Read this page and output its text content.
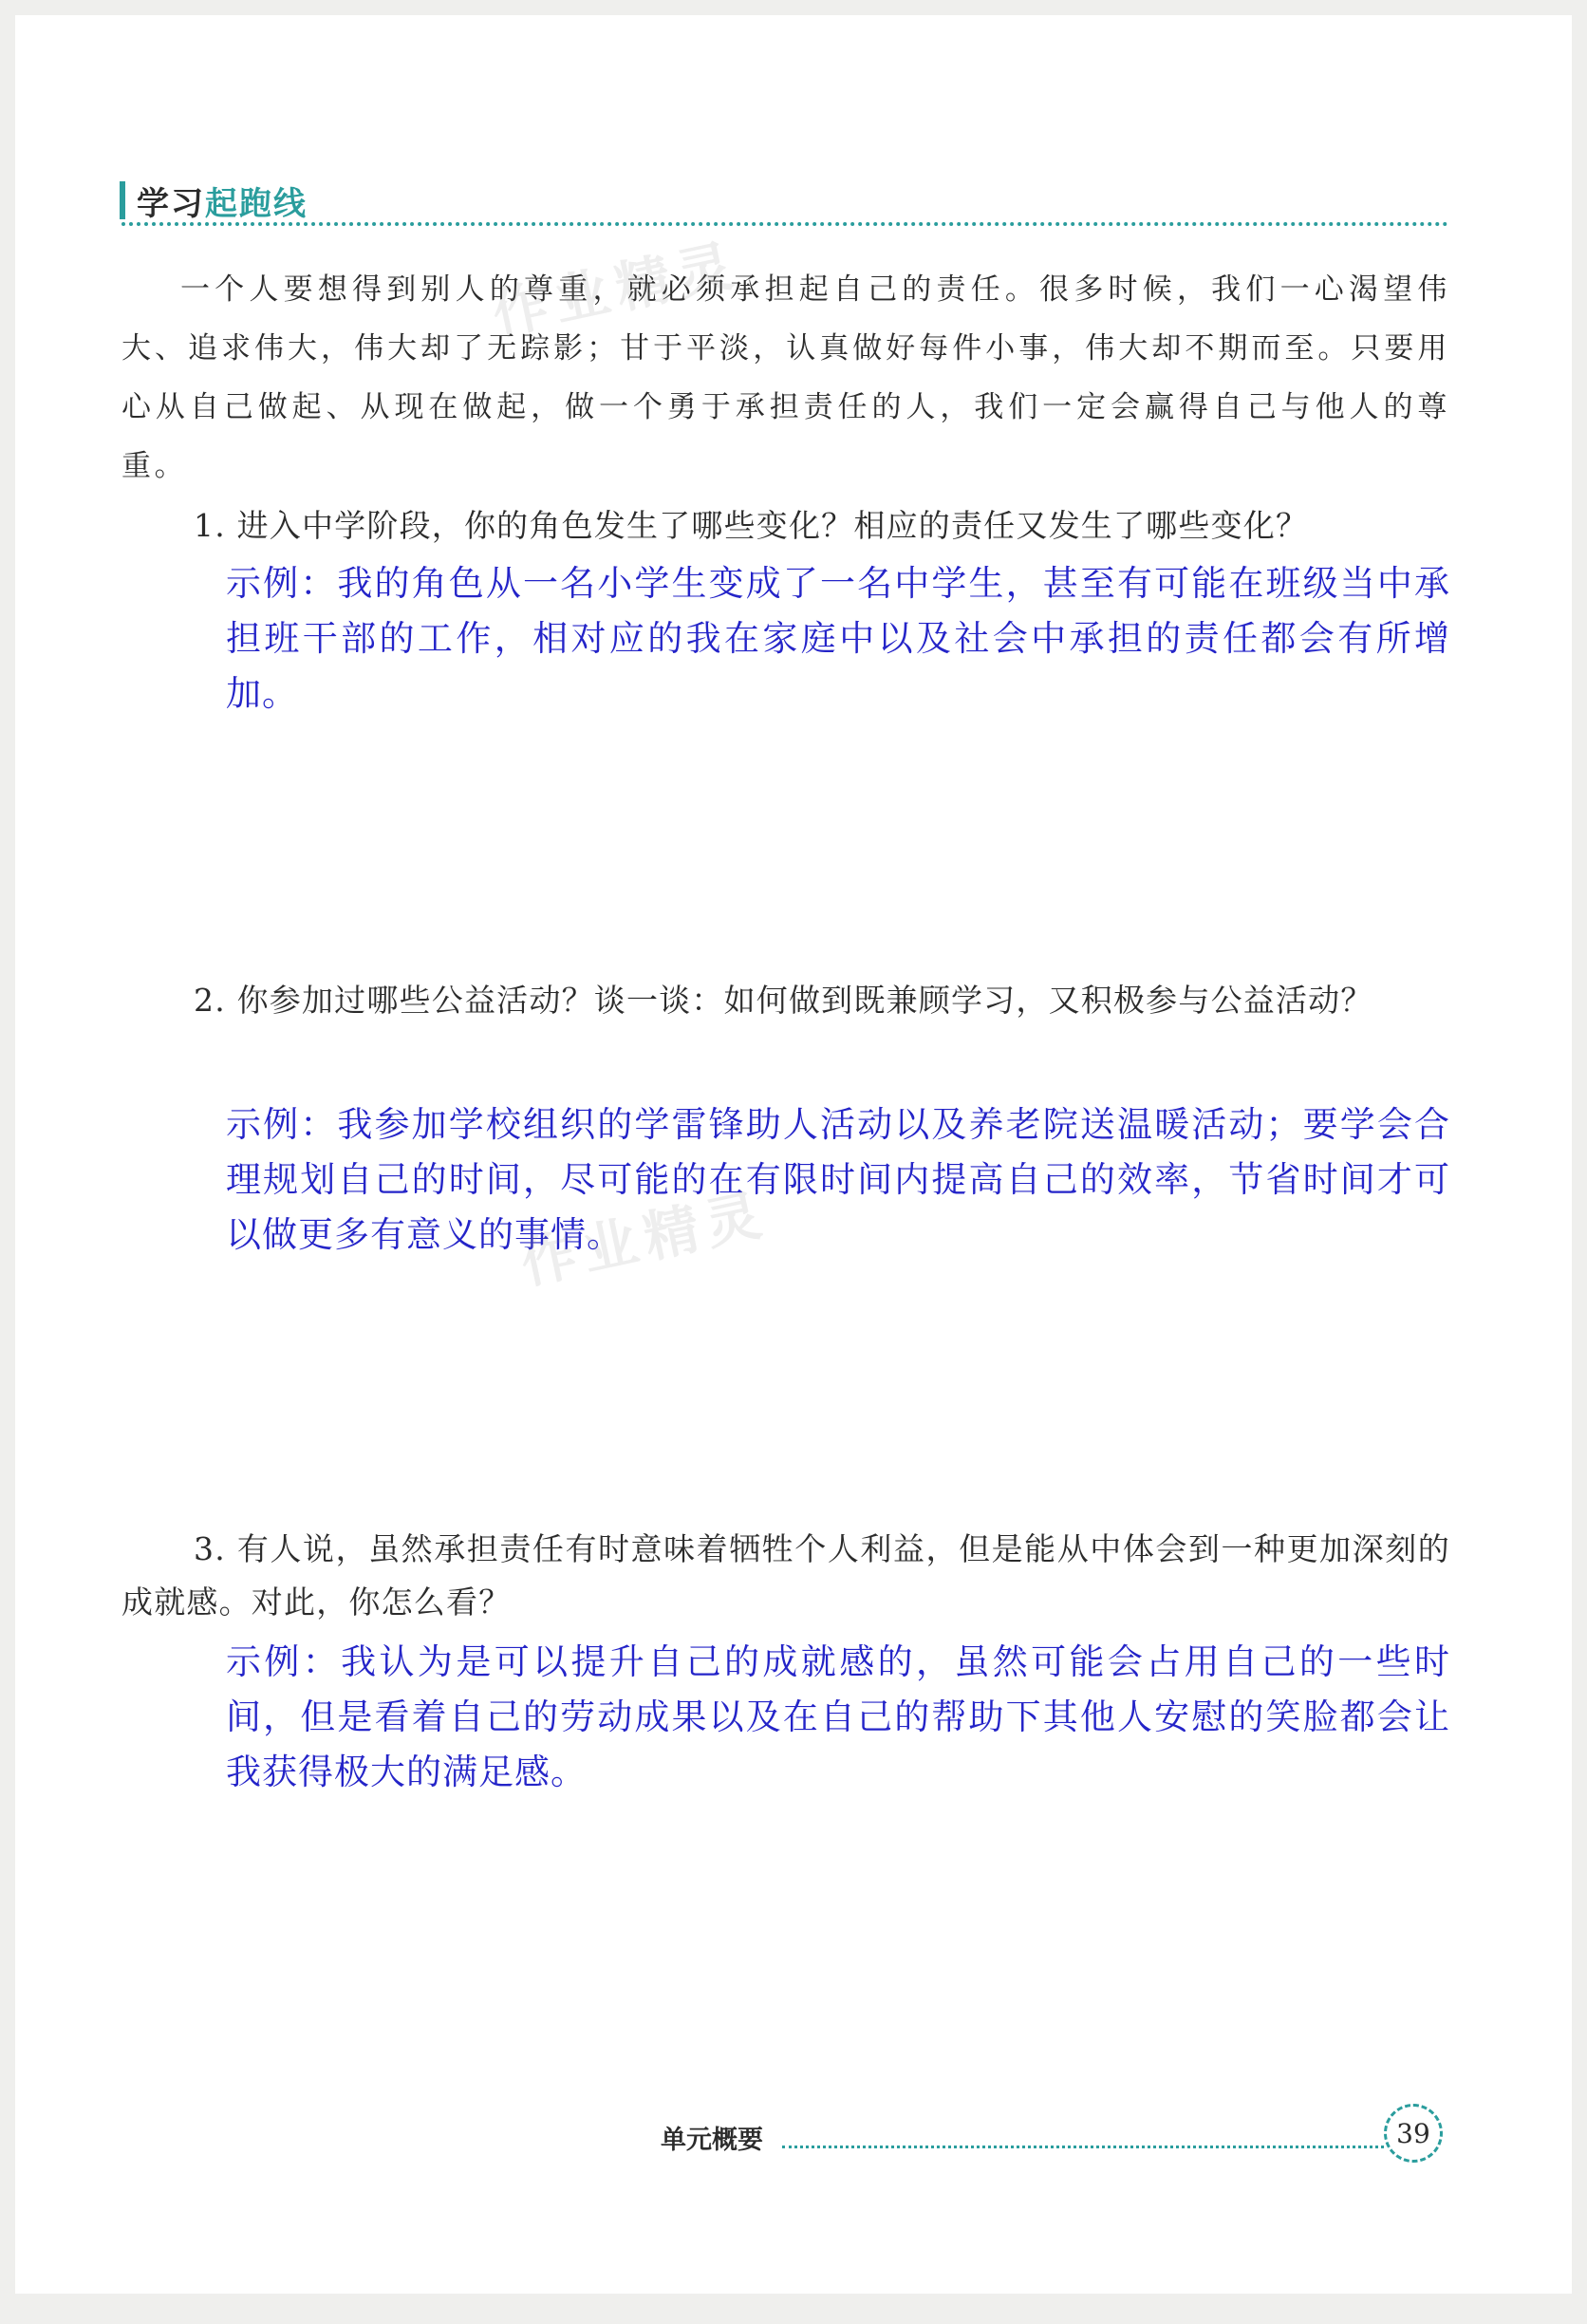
学习 起跑线

一个人要想得到别人的尊重，就必须承担起自己的责任。很多时候，我们一心渴望伟大、追求伟大，伟大却了无踪影；甘于平淡，认真做好每件小事，伟大却不期而至。只要用心从自己做起、从现在做起，做一个勇于承担责任的人，我们一定会赢得自己与他人的尊重。

1. 进入中学阶段，你的角色发生了哪些变化？相应的责任又发生了哪些变化？
示例：我的角色从一名小学生变成了一名中学生，甚至有可能在班级当中承担班干部的工作，相对应的我在家庭中以及社会中承担的责任都会有所增加。
2. 你参加过哪些公益活动？谈一谈：如何做到既兼顾学习，又积极参与公益活动？
示例：我参加学校组织的学雷锋助人活动以及养老院送温暖活动；要学会合理规划自己的时间，尽可能的在有限时间内提高自己的效率，节省时间才可以做更多有意义的事情。
3. 有人说，虽然承担责任有时意味着牺牲个人利益，但是能从中体会到一种更加深刻的成就感。对此，你怎么看？
示例：我认为是可以提升自己的成就感的，虽然可能会占用自己的一些时间，但是看着自己的劳动成果以及在自己的帮助下其他人安慰的笑脸都会让我获得极大的满足感。
作业精灵
作业精灵
单元概要	39
